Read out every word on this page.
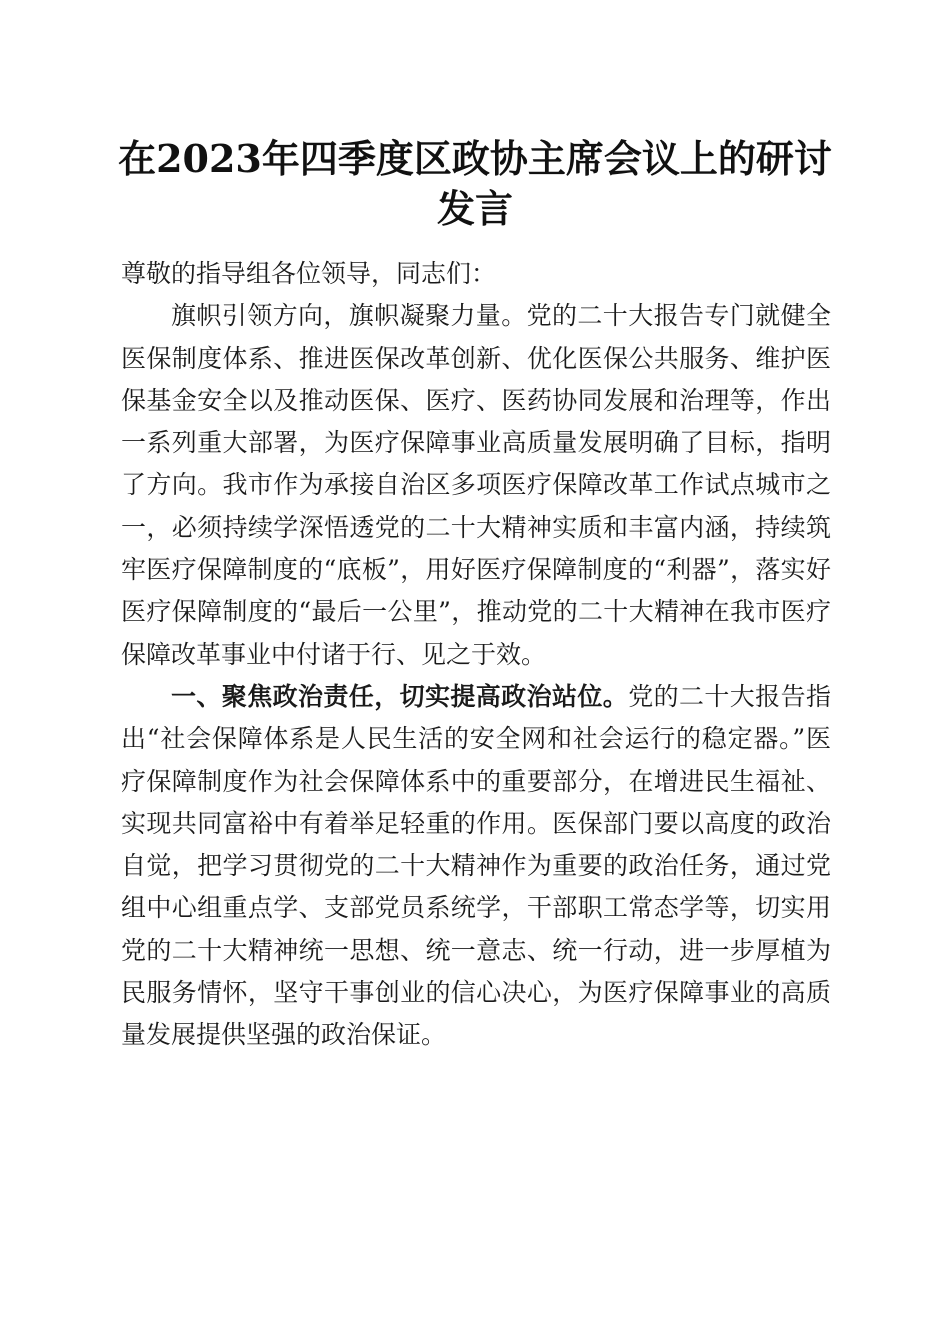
在2023年四季度区政协主席会议上的研讨发言

尊敬的指导组各位领导，同志们：

旗帜引领方向，旗帜凝聚力量。党的二十大报告专门就健全医保制度体系、推进医保改革创新、优化医保公共服务、维护医保基金安全以及推动医保、医疗、医药协同发展和治理等，作出一系列重大部署，为医疗保障事业高质量发展明确了目标，指明了方向。我市作为承接自治区多项医疗保障改革工作试点城市之一，必须持续学深悟透党的二十大精神实质和丰富内涵，持续筑牢医疗保障制度的“底板”，用好医疗保障制度的“利器”，落实好医疗保障制度的“最后一公里”，推动党的二十大精神在我市医疗保障改革事业中付诸于行、见之于效。

一、聚焦政治责任，切实提高政治站位。党的二十大报告指出“社会保障体系是人民生活的安全网和社会运行的稳定器。”医疗保障制度作为社会保障体系中的重要部分，在增进民生福祉、实现共同富裕中有着举足轻重的作用。医保部门要以高度的政治自觉，把学习贯彻党的二十大精神作为重要的政治任务，通过党组中心组重点学、支部党员系统学，干部职工常态学等，切实用党的二十大精神统一思想、统一意志、统一行动，进一步厚植为民服务情怀，坚守干事创业的信心决心，为医疗保障事业的高质量发展提供坚强的政治保证。
